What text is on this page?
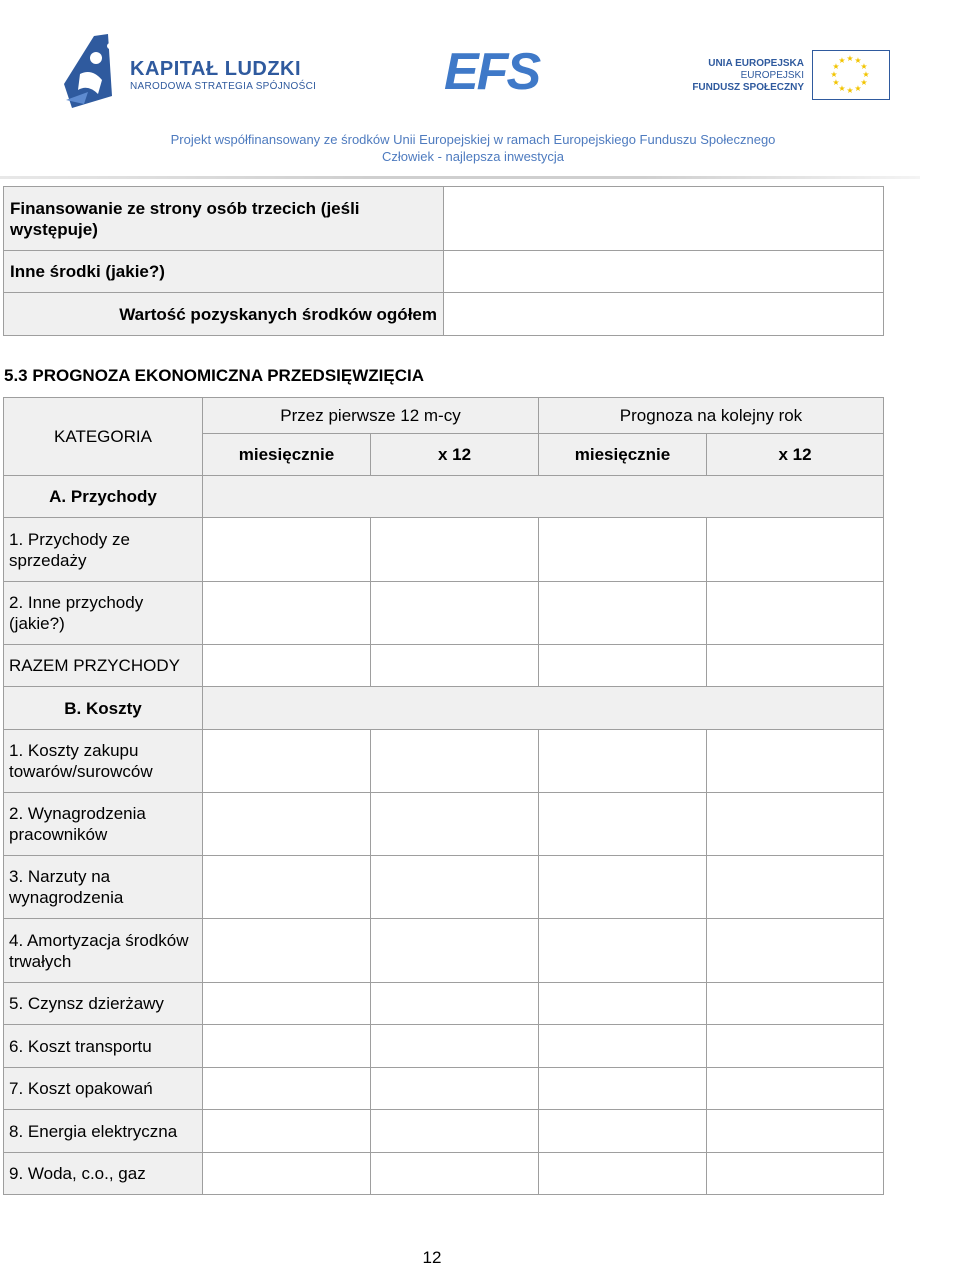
KAPITAŁ LUDZKI
NARODOWA STRATEGIA SPÓJNOŚCI EFS	UNIA EUROPEJSKA
EUROPEJSKI
FUNDUSZ SPOŁECZNY
★ ★
★
★
★
★
★
★
★
★
★
★
Projekt współfinansowany ze środków Unii Europejskiej w ramach Europejskiego Funduszu Społecznego
Człowiek - najlepsza inwestycja
Finansowanie ze strony osób trzecich (jeśli występuje)	
Inne środki (jakie?)	
Wartość pozyskanych środków ogółem	
5.3 PROGNOZA EKONOMICZNA PRZEDSIĘWZIĘCIA
KATEGORIA	Przez pierwsze 12 m-cy		Prognoza na kolejny rok	
	miesięcznie	x 12	miesięcznie	x 12
A. Przychody				
1. Przychody ze sprzedaży				
2. Inne przychody (jakie?)				
RAZEM PRZYCHODY				
B. Koszty				
1. Koszty zakupu towarów/surowców				
2. Wynagrodzenia pracowników				
3. Narzuty na wynagrodzenia				
4. Amortyzacja środków trwałych				
5. Czynsz dzierżawy				
6. Koszt transportu				
7. Koszt opakowań				
8. Energia elektryczna				
9. Woda, c.o., gaz				
12
